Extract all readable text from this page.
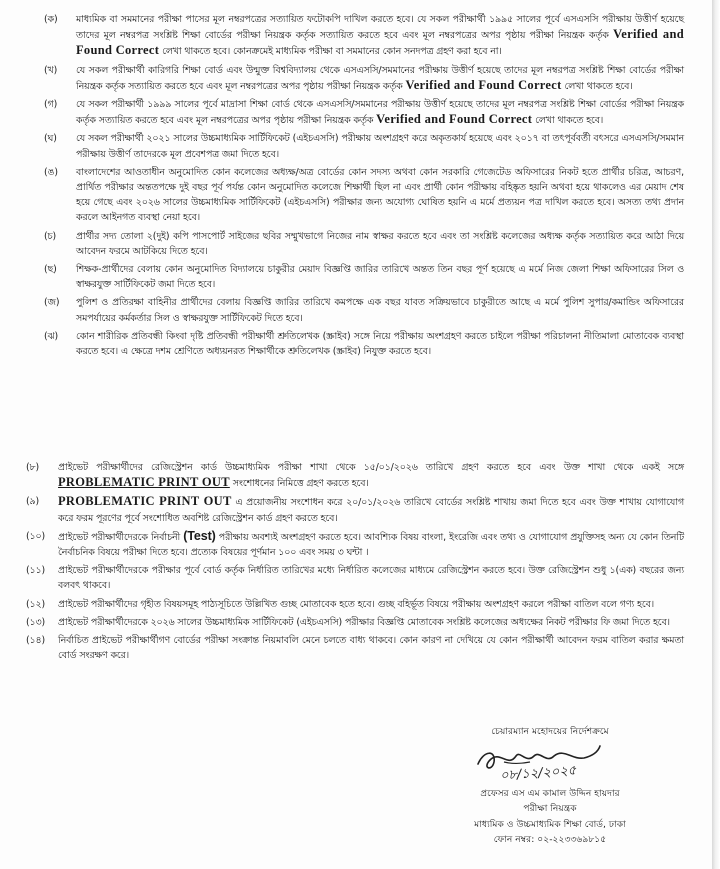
(ক)	মাধ্যমিক বা সমমানের পরীক্ষা পাসের মূল নম্বরপত্রের সত্যায়িত ফটোকপি দাখিল করতে হবে। যে সকল পরীক্ষার্থী ১৯৯৫ সালের পূর্বে এসএসসি পরীক্ষায় উত্তীর্ণ হয়েছে তাদের মূল নম্বরপত্র সংশ্লিষ্ট শিক্ষা বোর্ডের পরীক্ষা নিয়ন্ত্রক কর্তৃক সত্যায়িত করতে হবে এবং মূল নম্বরপত্রের অপর পৃষ্ঠায় পরীক্ষা নিয়ন্ত্রক কর্তৃক Verified and Found Correct লেখা থাকতে হবে। কোনক্রমেই মাধ্যমিক পরীক্ষা বা সমমানের কোন সনদপত্র গ্রহণ করা হবে না।
(খ)	যে সকল পরীক্ষার্থী কারিগরি শিক্ষা বোর্ড এবং উন্মুক্ত বিশ্ববিদ্যালয় থেকে এসএসসি/সমমানের পরীক্ষায় উত্তীর্ণ হয়েছে তাদের মূল নম্বরপত্র সংশ্লিষ্ট শিক্ষা বোর্ডের পরীক্ষা নিয়ন্ত্রক কর্তৃক সত্যায়িত করতে হবে এবং মূল নম্বরপত্রের অপর পৃষ্ঠায় পরীক্ষা নিয়ন্ত্রক কর্তৃক Verified and Found Correct লেখা থাকতে হবে।
(গ)	যে সকল পরীক্ষার্থী ১৯৯৯ সালের পূর্বে মাদ্রাসা শিক্ষা বোর্ড থেকে এসএসসি/সমমানের পরীক্ষায় উত্তীর্ণ হয়েছে তাদের মূল নম্বরপত্র সংশ্লিষ্ট শিক্ষা বোর্ডের পরীক্ষা নিয়ন্ত্রক কর্তৃক সত্যায়িত করতে হবে এবং মূল নম্বরপত্রের অপর পৃষ্ঠায় পরীক্ষা নিয়ন্ত্রক কর্তৃক Verified and Found Correct লেখা থাকতে হবে।
(ঘ)	যে সকল পরীক্ষার্থী ২০২১ সালের উচ্চমাধ্যমিক সার্টিফিকেট (এইচএসসি) পরীক্ষায় অংশগ্রহণ করে অকৃতকার্য হয়েছে এবং ২০১৭ বা তৎপূর্ববর্তী বৎসরে এসএসসি/সমমান পরীক্ষায় উত্তীর্ণ তাদেরকে মূল প্রবেশপত্র জমা দিতে হবে।
(ঙ)	বাংলাদেশের আওতাধীন অনুমোদিত কোন কলেজের অধ্যক্ষ/অত্র বোর্ডের কোন সদস্য অথবা কোন সরকারি গেজেটেড অফিসারের নিকট হতে প্রার্থীর চরিত্র, আচরণ, প্রার্থিত পরীক্ষার অন্ততপক্ষে দুই বছর পূর্ব পর্যন্ত কোন অনুমোদিত কলেজে শিক্ষার্থী ছিল না এবং প্রার্থী কোন পরীক্ষায় বহিষ্কৃত হয়নি অথবা হয়ে থাকলেও এর মেয়াদ শেষ হয়ে গেছে এবং ২০২৬ সালের উচ্চমাধ্যমিক সার্টিফিকেট (এইচএসসি) পরীক্ষার জন্য অযোগ্য ঘোষিত হয়নি এ মর্মে প্রত্যয়ন পত্র দাখিল করতে হবে। অসত্য তথ্য প্রদান করলে আইনগত ব্যবস্থা নেয়া হবে।
(চ)	প্রার্থীর সদ্য তোলা ২(দুই) কপি পাসপোর্ট সাইজের ছবির সম্মুখভাগে নিজের নাম স্বাক্ষর করতে হবে এবং তা সংশ্লিষ্ট কলেজের অধ্যক্ষ কর্তৃক সত্যায়িত করে আঠা দিয়ে আবেদন ফরমে আটকিয়ে দিতে হবে।
(ছ)	শিক্ষক-প্রার্থীদের বেলায় কোন অনুমোদিত বিদ্যালয়ে চাকুরীর মেয়াদ বিজ্ঞপ্তি জারির তারিখে অন্তত তিন বছর পূর্ণ হয়েছে এ মর্মে নিজ জেলা শিক্ষা অফিসারের সিল ও স্বাক্ষরযুক্ত সার্টিফিকেট জমা দিতে হবে।
(জ)	পুলিশ ও প্রতিরক্ষা বাহিনীর প্রার্থীদের বেলায় বিজ্ঞপ্তি জারির তারিখে কমপক্ষে এক বছর যাবত সক্রিয়ভাবে চাকুরীতে আছে এ মর্মে পুলিশ সুপার/কমান্ডিং অফিসারের সমপর্যায়ের কর্মকর্তার সিল ও স্বাক্ষরযুক্ত সার্টিফিকেট দিতে হবে।
(ঝ)	কোন শারীরিক প্রতিবন্ধী কিংবা দৃষ্টি প্রতিবন্ধী পরীক্ষার্থী শ্রুতিলেখক (স্ক্রাইব) সঙ্গে নিয়ে পরীক্ষায় অংশগ্রহণ করতে চাইলে পরীক্ষা পরিচালনা নীতিমালা মোতাবেক ব্যবস্থা করতে হবে। এ ক্ষেত্রে দশম শ্রেণিতে অধ্যয়নরত শিক্ষার্থীকে শ্রুতিলেখক (স্ক্রাইব) নিযুক্ত করতে হবে।
(৮)	প্রাইভেট পরীক্ষার্থীদের রেজিস্ট্রেশন কার্ড উচ্চমাধ্যমিক পরীক্ষা শাখা থেকে ১৫/০১/২০২৬ তারিখে গ্রহণ করতে হবে এবং উক্ত শাখা থেকে একই সঙ্গে PROBLEMATIC PRINT OUT সংশোধনের নিমিত্তে গ্রহণ করতে হবে।
(৯)	PROBLEMATIC PRINT OUT এ প্রয়োজনীয় সংশোধন করে ২০/০১/২০২৬ তারিখে বোর্ডের সংশ্লিষ্ট শাখায় জমা দিতে হবে এবং উক্ত শাখায় যোগাযোগ করে ফরম পূরণের পূর্বে সংশোধিত অবশিষ্ট রেজিস্ট্রেশন কার্ড গ্রহণ করতে হবে।
(১০)	প্রাইভেট পরীক্ষার্থীদেরকে নির্বাচনী (Test) পরীক্ষায় অবশ্যই অংশগ্রহণ করতে হবে। আবশ্যিক বিষয় বাংলা, ইংরেজি এবং তথ্য ও যোগাযোগ প্রযুক্তিসহ অন্য যে কোন তিনটি নৈর্বাচনিক বিষয়ে পরীক্ষা দিতে হবে। প্রত্যেক বিষয়ের পূর্ণমান ১০০ এবং সময় ৩ ঘন্টা ।
(১১)	প্রাইভেট পরীক্ষার্থীদেরকে পরীক্ষার পূর্বে বোর্ড কর্তৃক নির্ধারিত তারিখের মধ্যে নির্ধারিত কলেজের মাধ্যমে রেজিস্ট্রেশন করতে হবে। উক্ত রেজিস্ট্রেশন শুধু ১(এক) বছরের জন্য বলবৎ থাকবে।
(১২)	প্রাইভেট পরীক্ষার্থীদের গৃহীত বিষয়সমূহ পাঠ্যসূচিতে উল্লিখিত গুচ্ছ মোতাবেক হতে হবে। গুচ্ছ বহির্ভূত বিষয়ে পরীক্ষায় অংশগ্রহণ করলে পরীক্ষা বাতিল বলে গণ্য হবে।
(১৩)	প্রাইভেট পরীক্ষার্থীদেরকে ২০২৬ সালের উচ্চমাধ্যমিক সার্টিফিকেট (এইচএসসি) পরীক্ষার বিজ্ঞপ্তি মোতাবেক সংশ্লিষ্ট কলেজের অধ্যক্ষের নিকট পরীক্ষার ফি জমা দিতে হবে।
(১৪)	নির্বাচিত প্রাইভেট পরীক্ষার্থীগণ বোর্ডের পরীক্ষা সংক্রান্ত নিয়মাবলি মেনে চলতে বাধ্য থাকবে। কোন কারণ না দেখিয়ে যে কোন পরীক্ষার্থী আবেদন ফরম বাতিল করার ক্ষমতা বোর্ড সংরক্ষণ করে।
চেয়ারম্যান মহোদয়ের নির্দেশক্রমে
০৮/১২/২০২৫
প্রফেসর এস এম কামাল উদ্দিন হায়দার
পরীক্ষা নিয়ন্ত্রক
মাধ্যমিক ও উচ্চমাধ্যমিক শিক্ষা বোর্ড, ঢাকা
ফোন নম্বর: ০২-২২৩৩৬৯৮১৫
